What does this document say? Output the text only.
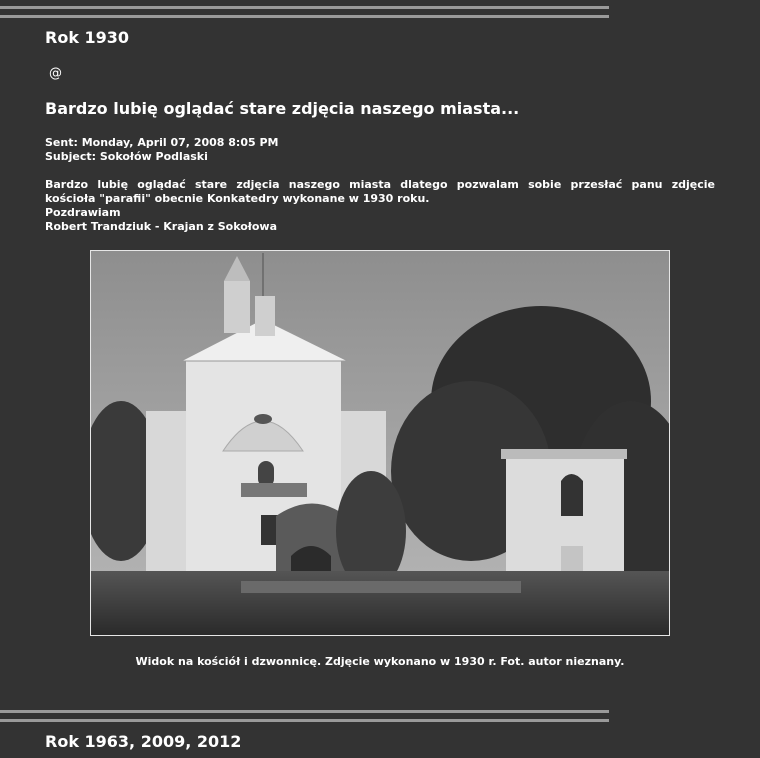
Rok 1930
@
Bardzo lubię oglądać stare zdjęcia naszego miasta...
Sent: Monday, April 07, 2008 8:05 PM
Subject: Sokołów Podlaski
Bardzo lubię oglądać stare zdjęcia naszego miasta dlatego pozwalam sobie przesłać panu zdjęcie
kościoła "parafii" obecnie Konkatedry wykonane w 1930 roku.
Pozdrawiam
Robert Trandziuk - Krajan z Sokołowa
Widok na kościół i dzwonnicę. Zdjęcie wykonano w 1930 r. Fot. autor nieznany.
Rok 1963, 2009, 2012
